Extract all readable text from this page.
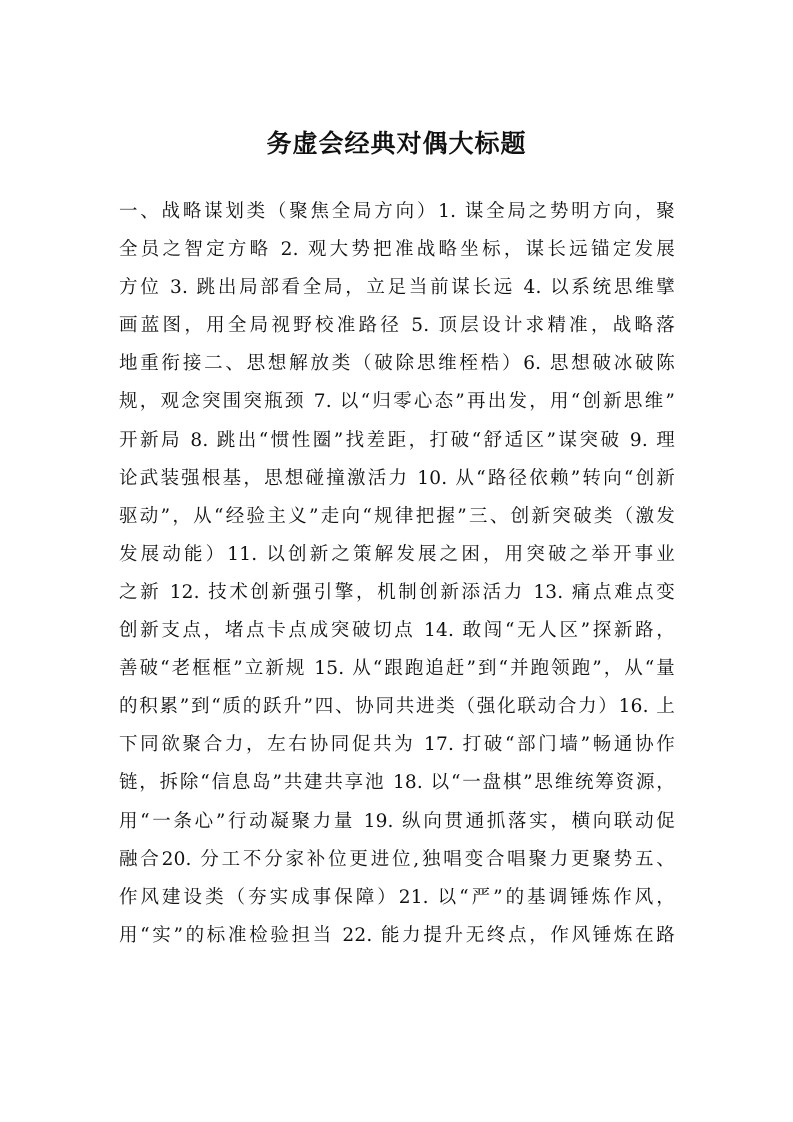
务虚会经典对偶大标题
一、战略谋划类（聚焦全局方向）1. 谋全局之势明方向，聚
全员之智定方略 2. 观大势把准战略坐标，谋长远锚定发展
方位 3. 跳出局部看全局，立足当前谋长远 4. 以系统思维擘
画蓝图，用全局视野校准路径 5. 顶层设计求精准，战略落
地重衔接二、思想解放类（破除思维桎梏）6. 思想破冰破陈
规，观念突围突瓶颈 7. 以“归零心态”再出发，用“创新思维”
开新局 8. 跳出“惯性圈”找差距，打破“舒适区”谋突破 9. 理
论武装强根基，思想碰撞激活力 10. 从“路径依赖”转向“创新
驱动”，从“经验主义”走向“规律把握”三、创新突破类（激发
发展动能）11. 以创新之策解发展之困，用突破之举开事业
之新 12. 技术创新强引擎，机制创新添活力 13. 痛点难点变
创新支点，堵点卡点成突破切点 14. 敢闯“无人区”探新路，
善破“老框框”立新规 15. 从“跟跑追赶”到“并跑领跑”，从“量
的积累”到“质的跃升”四、协同共进类（强化联动合力）16. 上
下同欲聚合力，左右协同促共为 17. 打破“部门墙”畅通协作
链，拆除“信息岛”共建共享池 18. 以“一盘棋”思维统筹资源，
用“一条心”行动凝聚力量 19. 纵向贯通抓落实，横向联动促
融合20. 分工不分家补位更进位,独唱变合唱聚力更聚势五、
作风建设类（夯实成事保障）21. 以“严”的基调锤炼作风，
用“实”的标准检验担当 22. 能力提升无终点，作风锤炼在路
